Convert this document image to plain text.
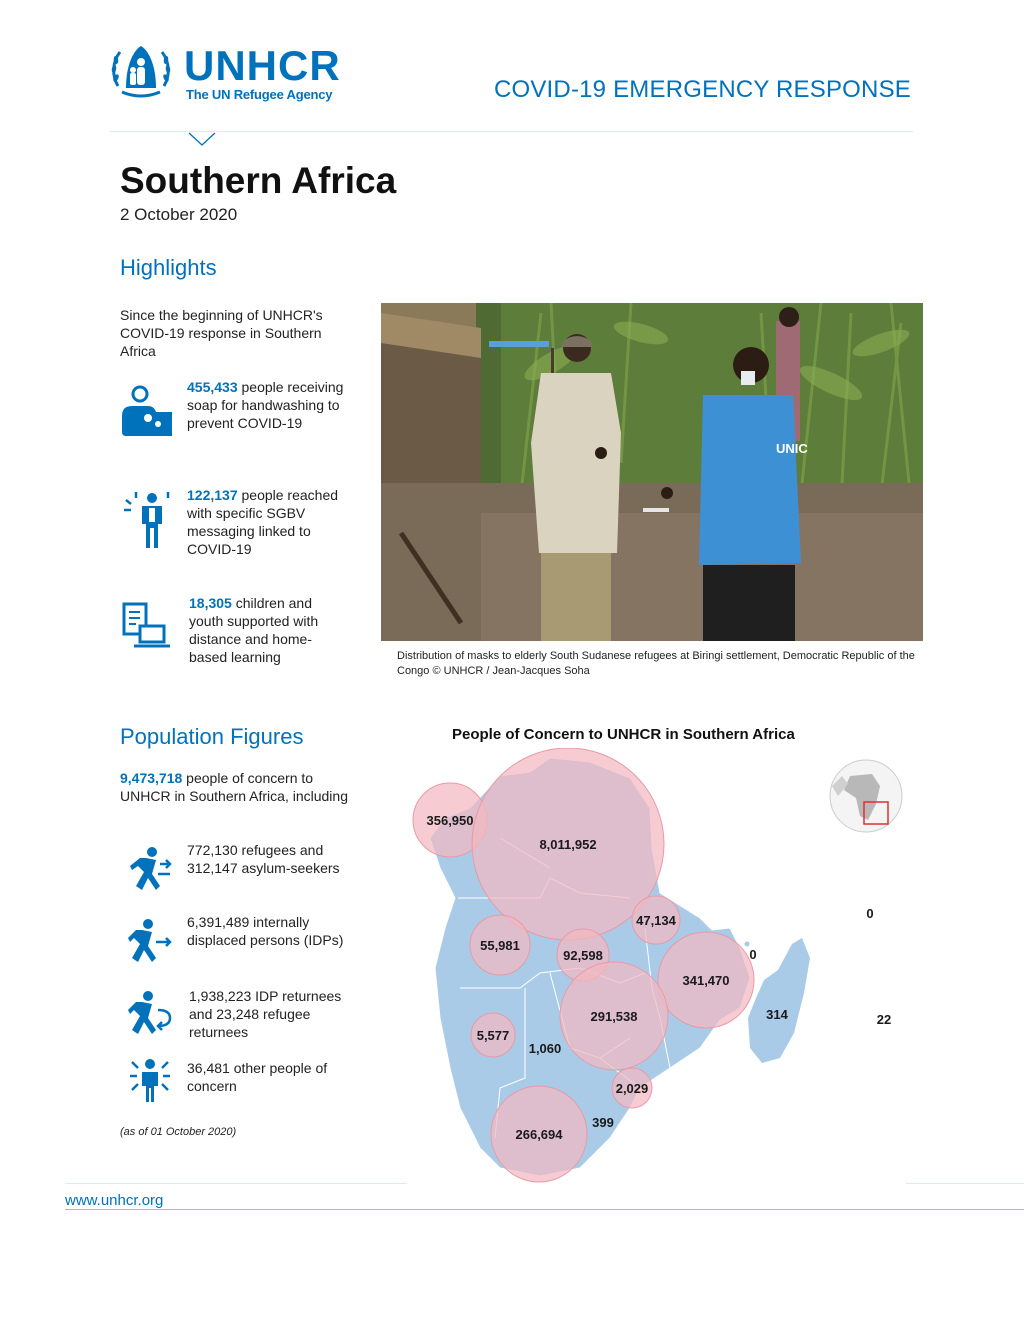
UNHCR
The UN Refugee Agency	COVID-19 EMERGENCY RESPONSE
Southern Africa
2 October 2020
Highlights
Since the beginning of UNHCR's COVID-19 response in Southern Africa
455,433 people receiving soap for handwashing to prevent COVID-19
122,137 people reached with specific SGBV messaging linked to COVID-19
18,305 children and youth supported with distance and home-based learning
UNIC
Distribution of masks to elderly South Sudanese refugees at Biringi settlement, Democratic Republic of the Congo © UNHCR / Jean-Jacques Soha
Population Figures
9,473,718 people of concern to UNHCR in Southern Africa, including
772,130 refugees and 312,147 asylum-seekers
6,391,489 internally displaced persons (IDPs)
1,938,223 IDP returnees and 23,248 refugee returnees
36,481 other people of concern
(as of 01 October 2020)
People of Concern to UNHCR in Southern Africa
356,950
8,011,952
47,134
55,981
92,598	0
0
341,470
291,538	314	22
5,577
1,060
2,029
399
266,694
www.unhcr.org
